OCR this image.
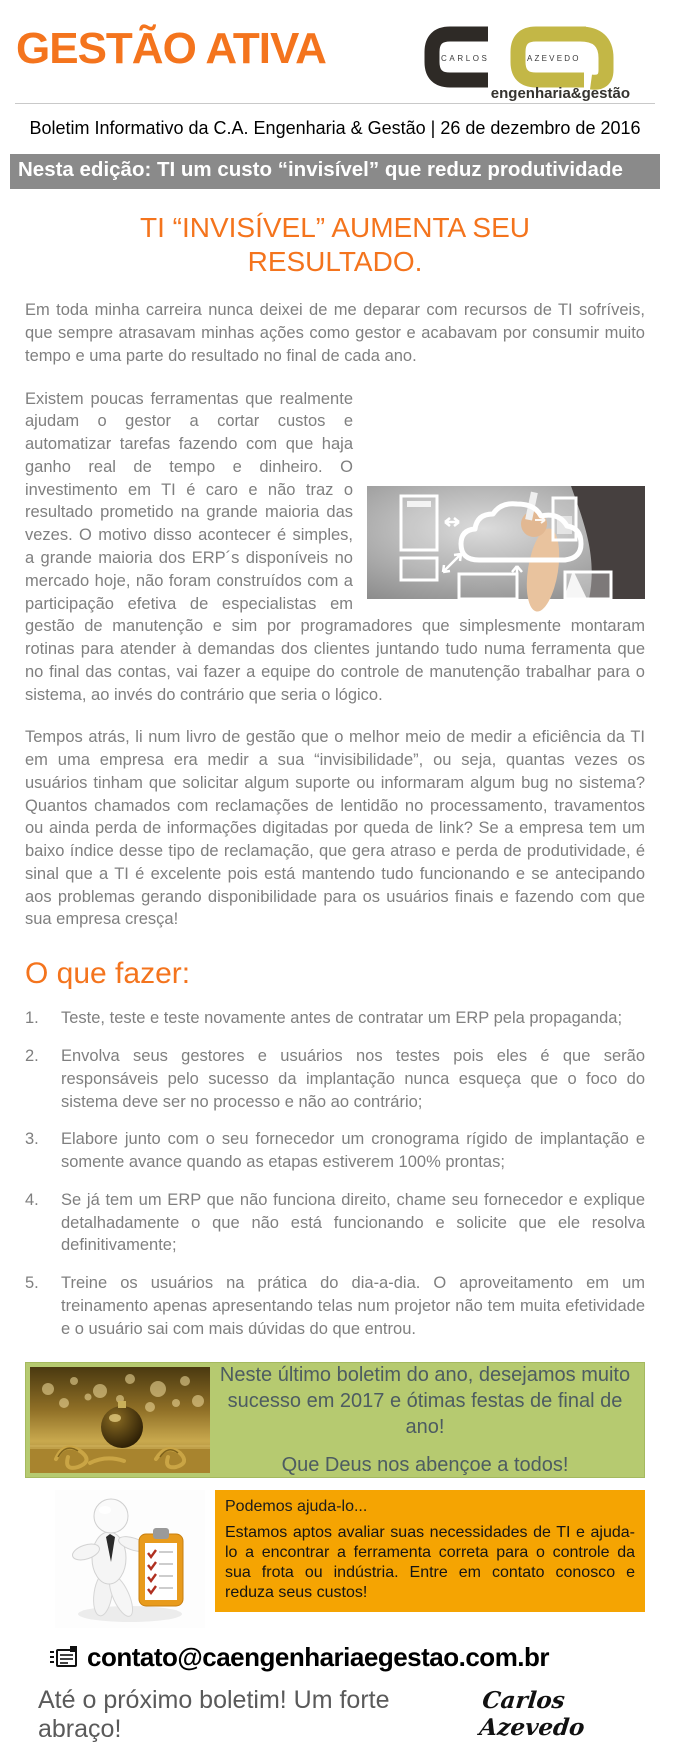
GESTÃO ATIVA	CARLOS	AZEVEDO
engenharia&gestão
Boletim Informativo da C.A. Engenharia & Gestão | 26 de dezembro de 2016
Nesta edição: TI um custo “invisível” que reduz produtividade
TI “INVISÍVEL” AUMENTA SEU RESULTADO.

Em toda minha carreira nunca deixei de me deparar com recursos de TI sofríveis, que sempre atrasavam minhas ações como gestor e acabavam por consumir muito tempo e uma parte do resultado no final de cada ano.

Existem poucas ferramentas que realmente ajudam o gestor a cortar custos e automatizar tarefas fazendo com que haja ganho real de tempo e dinheiro. O investimento em TI é caro e não traz o resultado prometido na grande maioria das vezes. O motivo disso acontecer é simples, a grande maioria dos ERP´s disponíveis no mercado hoje, não foram construídos com a participação efetiva de especialistas em gestão de manutenção e sim por programadores que simplesmente montaram rotinas para atender à demandas dos clientes juntando tudo numa ferramenta que no final das contas, vai fazer a equipe do controle de manutenção trabalhar para o sistema, ao invés do contrário que seria o lógico.

Tempos atrás, li num livro de gestão que o melhor meio de medir a eficiência da TI em uma empresa era medir a sua “invisibilidade”, ou seja, quantas vezes os usuários tinham que solicitar algum suporte ou informaram algum bug no sistema? Quantos chamados com reclamações de lentidão no processamento, travamentos ou ainda perda de informações digitadas por queda de link? Se a empresa tem um baixo índice desse tipo de reclamação, que gera atraso e perda de produtividade, é sinal que a TI é excelente pois está mantendo tudo funcionando e se antecipando aos problemas gerando disponibilidade para os usuários finais e fazendo com que sua empresa cresça!

O que fazer:
1.	Teste, teste e teste novamente antes de contratar um ERP pela propaganda;
2.	Envolva seus gestores e usuários nos testes pois eles é que serão responsáveis pelo sucesso da implantação nunca esqueça que o foco do sistema deve ser no processo e não ao contrário;
3.	Elabore junto com o seu fornecedor um cronograma rígido de implantação e somente avance quando as etapas estiverem 100% prontas;
4.	Se já tem um ERP que não funciona direito, chame seu fornecedor e explique detalhadamente o que não está funcionando e solicite que ele resolva definitivamente;
5.	Treine os usuários na prática do dia-a-dia. O aproveitamento em um treinamento apenas apresentando telas num projetor não tem muita efetividade e o usuário sai com mais dúvidas do que entrou.
Neste último boletim do ano, desejamos muito sucesso em 2017 e ótimas festas de final de ano!
Que Deus nos abençoe a todos!

Podemos ajuda-lo...

Estamos aptos avaliar suas necessidades de TI e ajuda-lo a encontrar a ferramenta correta para o controle da sua frota ou indústria. Entre em contato conosco e reduza seus custos!

contato@caengenhariaegestao.com.br
Até o próximo boletim! Um forte abraço!
Carlos Azevedo
